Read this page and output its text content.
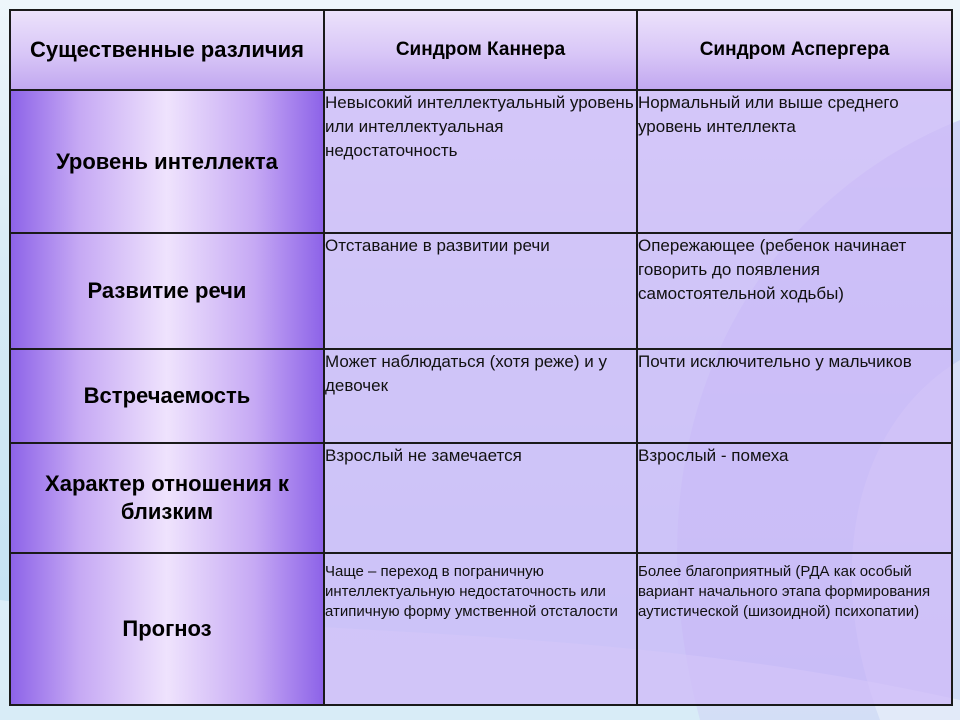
Существенные различия	Синдром Каннера	Синдром Аспергера
Уровень интеллекта	Невысокий интеллектуальный уровень или интеллектуальная недостаточность	Нормальный или выше среднего уровень интеллекта
Развитие речи	Отставание в развитии речи	Опережающее (ребенок начинает говорить до появления самостоятельной ходьбы)
Встречаемость	Может наблюдаться (хотя реже) и у девочек	Почти исключительно у мальчиков
Характер отношения к близким	Взрослый не замечается	Взрослый - помеха
Прогноз	Чаще – переход в пограничную интеллектуальную недостаточность или атипичную форму умственной отсталости	Более благоприятный (РДА как особый вариант начального этапа формирования аутистической (шизоидной) психопатии)
